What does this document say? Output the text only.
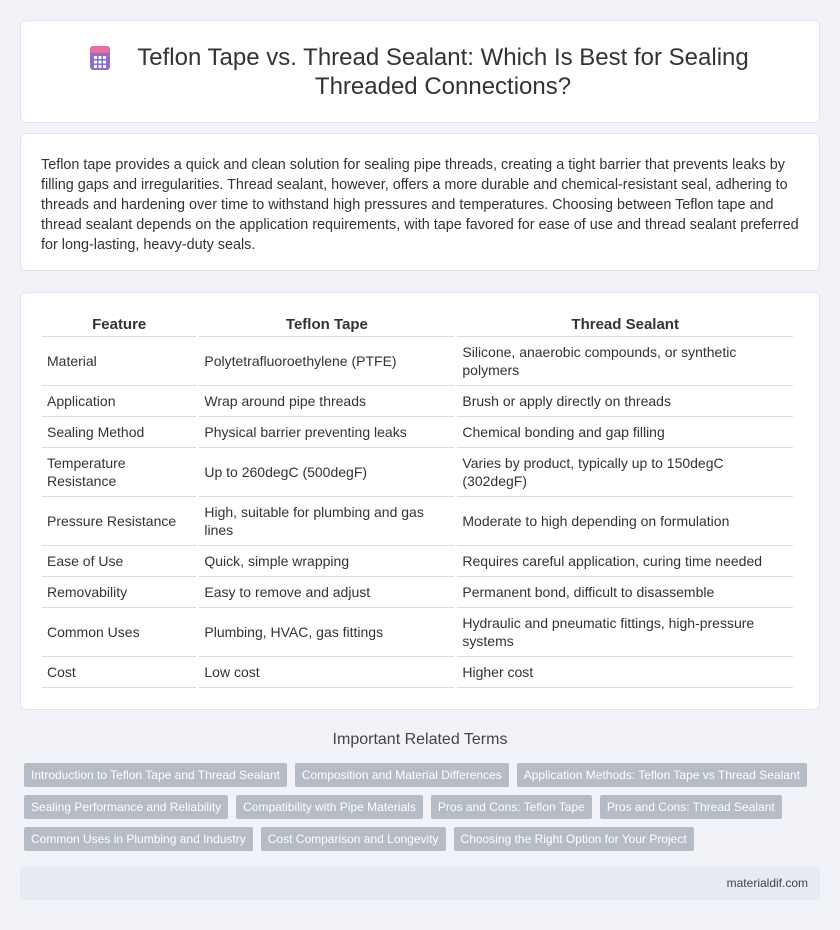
Teflon Tape vs. Thread Sealant: Which Is Best for Sealing Threaded Connections?

Teflon tape provides a quick and clean solution for sealing pipe threads, creating a tight barrier that prevents leaks by filling gaps and irregularities. Thread sealant, however, offers a more durable and chemical-resistant seal, adhering to threads and hardening over time to withstand high pressures and temperatures. Choosing between Teflon tape and thread sealant depends on the application requirements, with tape favored for ease of use and thread sealant preferred for long-lasting, heavy-duty seals.

Feature	Teflon Tape	Thread Sealant
Material	Polytetrafluoroethylene (PTFE)	Silicone, anaerobic compounds, or synthetic polymers
Application	Wrap around pipe threads	Brush or apply directly on threads
Sealing Method	Physical barrier preventing leaks	Chemical bonding and gap filling
Temperature Resistance	Up to 260degC (500degF)	Varies by product, typically up to 150degC (302degF)
Pressure Resistance	High, suitable for plumbing and gas lines	Moderate to high depending on formulation
Ease of Use	Quick, simple wrapping	Requires careful application, curing time needed
Removability	Easy to remove and adjust	Permanent bond, difficult to disassemble
Common Uses	Plumbing, HVAC, gas fittings	Hydraulic and pneumatic fittings, high-pressure systems
Cost	Low cost	Higher cost
Important Related Terms
Introduction to Teflon Tape and Thread Sealant	Composition and Material Differences	Application Methods: Teflon Tape vs Thread Sealant
Sealing Performance and Reliability	Compatibility with Pipe Materials	Pros and Cons: Teflon Tape	Pros and Cons: Thread Sealant
Common Uses in Plumbing and Industry	Cost Comparison and Longevity	Choosing the Right Option for Your Project
materialdif.com
